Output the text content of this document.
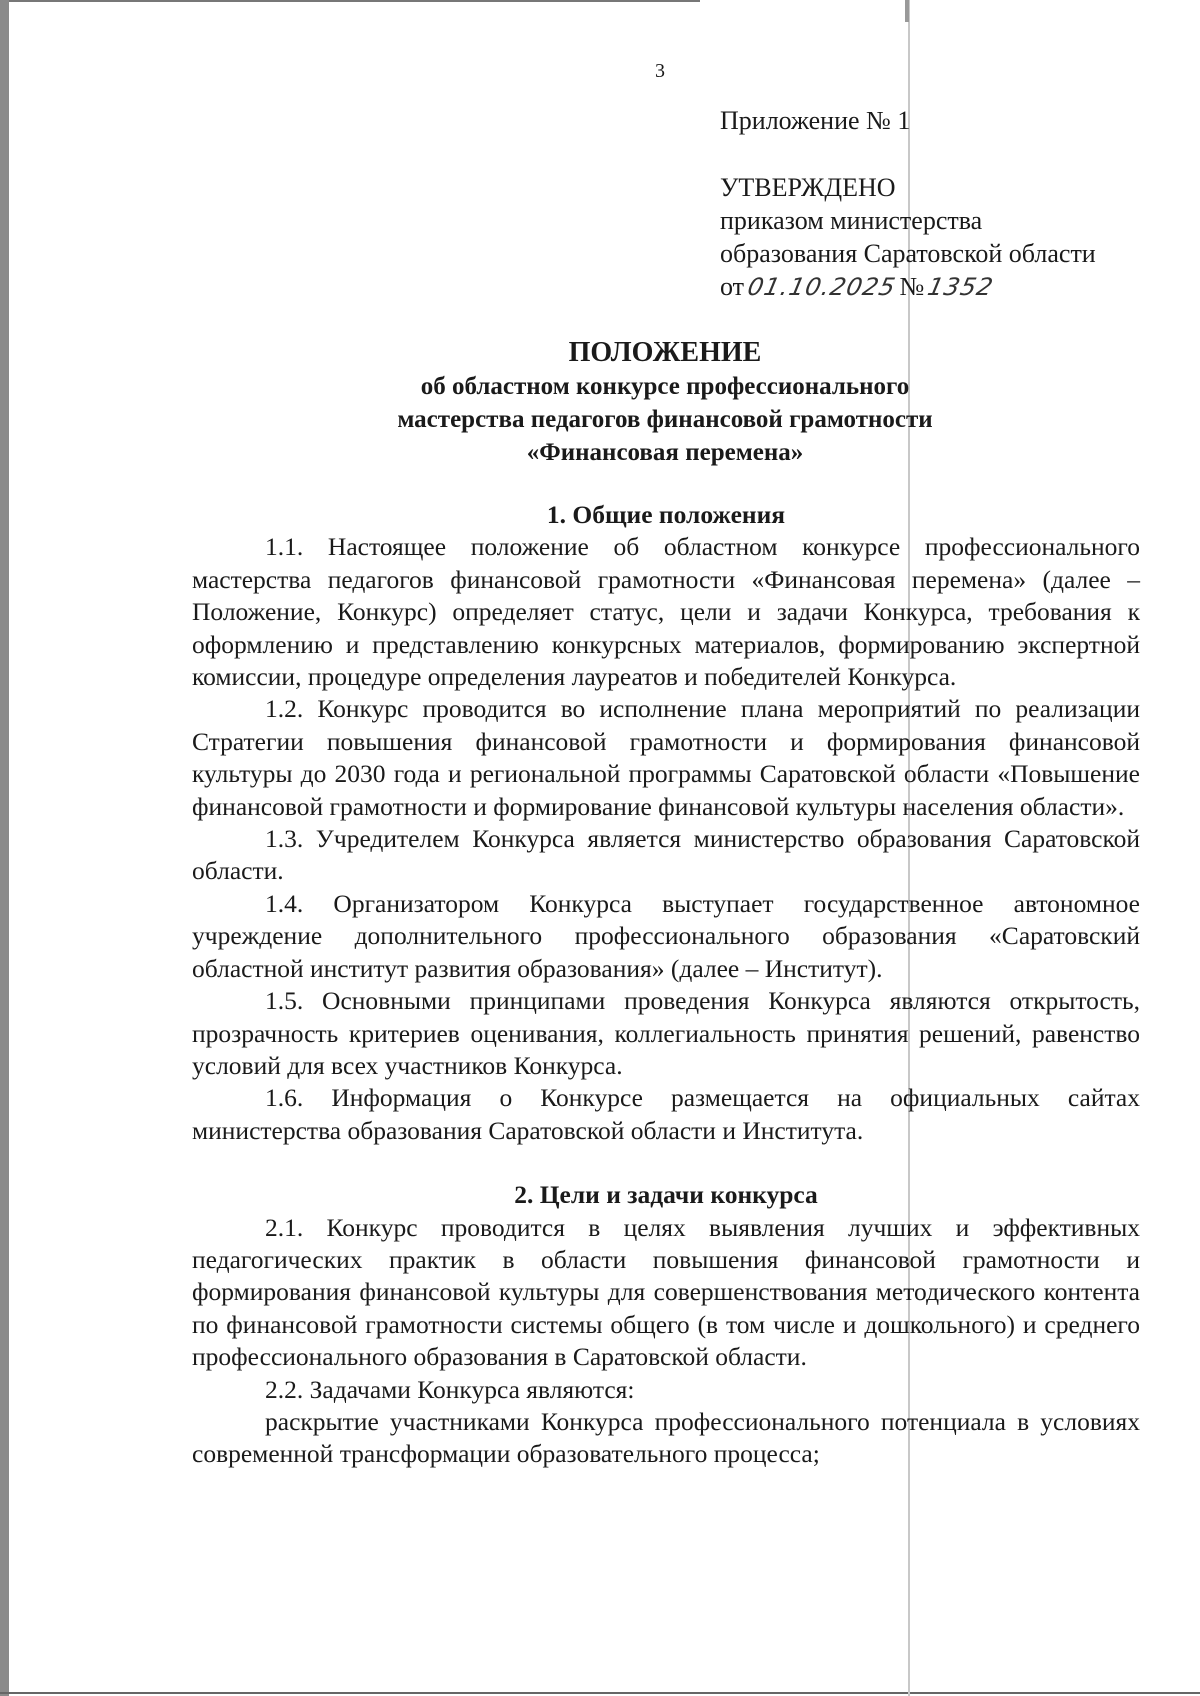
3
Приложение № 1
УТВЕРЖДЕНО
приказом министерства
образования Саратовской области
от01.10.2025№1352
ПОЛОЖЕНИЕ
об областном конкурсе профессионального
мастерства педагогов финансовой грамотности
«Финансовая перемена»

1. Общие положения

1.1. Настоящее положение об областном конкурсе профессионального мастерства педагогов финансовой грамотности «Финансовая перемена» (далее – Положение, Конкурс) определяет статус, цели и задачи Конкурса, требования к оформлению и представлению конкурсных материалов, формированию экспертной комиссии, процедуре определения лауреатов и победителей Конкурса.

1.2. Конкурс проводится во исполнение плана мероприятий по реализации Стратегии повышения финансовой грамотности и формирования финансовой культуры до 2030 года и региональной программы Саратовской области «Повышение финансовой грамотности и формирование финансовой культуры населения области».

1.3. Учредителем Конкурса является министерство образования Саратовской области.

1.4. Организатором Конкурса выступает государственное автономное учреждение дополнительного профессионального образования «Саратовский областной институт развития образования» (далее – Институт).

1.5. Основными принципами проведения Конкурса являются открытость, прозрачность критериев оценивания, коллегиальность принятия решений, равенство условий для всех участников Конкурса.

1.6. Информация о Конкурсе размещается на официальных сайтах министерства образования Саратовской области и Института.

2. Цели и задачи конкурса

2.1. Конкурс проводится в целях выявления лучших и эффективных педагогических практик в области повышения финансовой грамотности и формирования финансовой культуры для совершенствования методического контента по финансовой грамотности системы общего (в том числе и дошкольного) и среднего профессионального образования в Саратовской области.

2.2. Задачами Конкурса являются:

раскрытие участниками Конкурса профессионального потенциала в условиях современной трансформации образовательного процесса;
